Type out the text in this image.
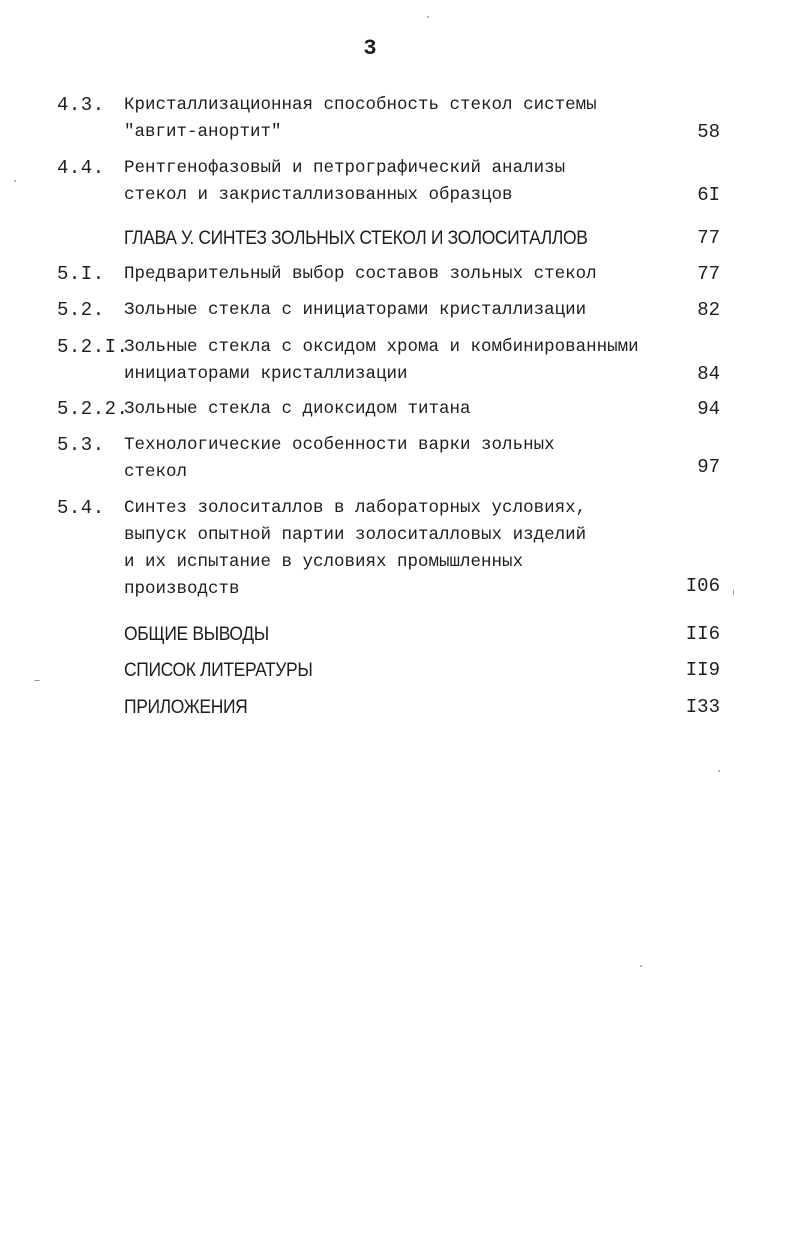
3
4.3. Кристаллизационная способность стекол системы
"авгит-анортит"	58
4.4. Рентгенофазовый и петрографический анализы
стекол и закристаллизованных образцов	6I
ГЛАВА У. СИНТЕЗ ЗОЛЬНЫХ СТЕКОЛ И ЗОЛОСИТАЛЛОВ	77
5.I. Предварительный выбор составов зольных стекол	77
5.2. Зольные стекла с инициаторами кристаллизации	82
5.2.I.
Зольные стекла с оксидом хрома и комбинированными
инициаторами кристаллизации	84
5.2.2.
Зольные стекла с диоксидом титана	94
5.3. Технологические особенности варки зольных
стекол	97
5.4. Синтез золоситаллов в лабораторных условиях,
выпуск опытной партии золоситалловых изделий
и их испытание в условиях промышленных
производств	I06
ОБЩИЕ ВЫВОДЫ	II6
СПИСОК ЛИТЕРАТУРЫ	II9
ПРИЛОЖЕНИЯ	I33
